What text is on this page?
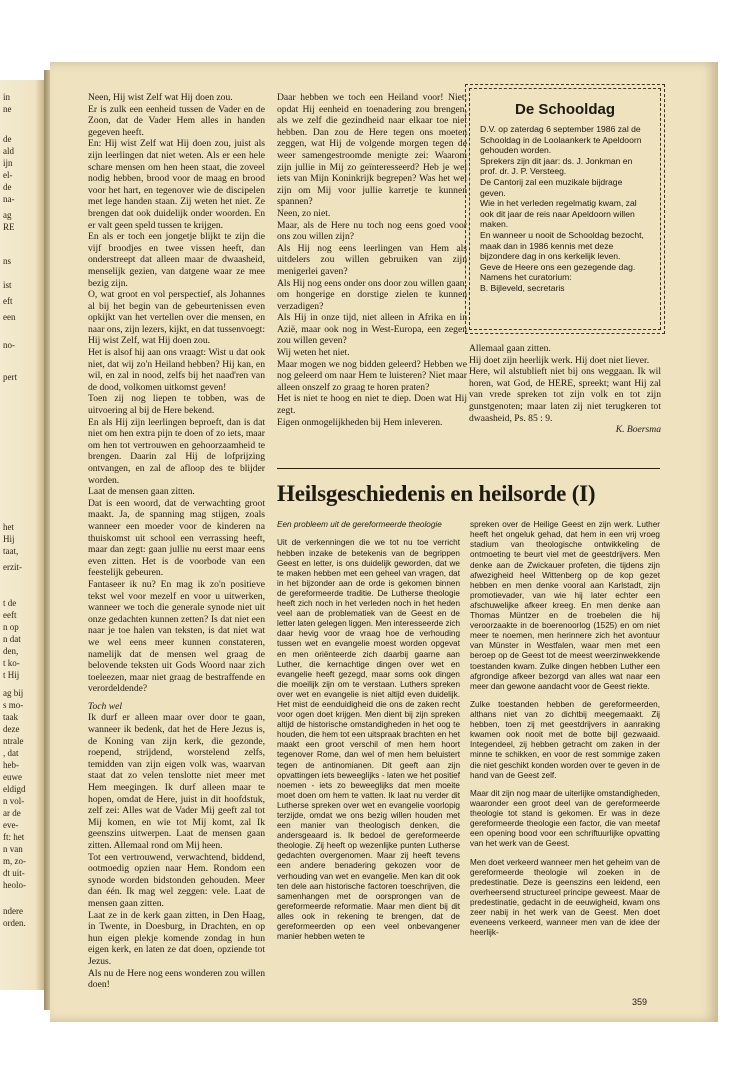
in
ne
de
ald
ijn
el-
de
na-
ag
RE
ns
ist
eft
een
no-
pert
het
Hij
taat,
erzit-
t de
eeft
n op
n dat
den,
t ko-
t Hij
ag bij
s mo-
taak
deze
ntrale
, dat
heb-
euwe
eldigd
n vol-
ar de
eve-
ft: het
n van
m, zo-
dt uit-
heolo-
ndere
orden.

Neen, Hij wist Zelf wat Hij doen zou.

Er is zulk een eenheid tussen de Vader en de Zoon, dat de Vader Hem alles in handen gegeven heeft.

En: Hij wist Zelf wat Hij doen zou, juist als zijn leerlingen dat niet weten. Als er een hele schare mensen om hen heen staat, die zoveel nodig hebben, brood voor de maag en brood voor het hart, en tegenover wie de discipelen met lege handen staan. Zij weten het niet. Ze brengen dat ook duidelijk onder woorden. En er valt geen speld tussen te krijgen.

En als er toch een jongetje blijkt te zijn die vijf broodjes en twee vissen heeft, dan onderstreept dat alleen maar de dwaasheid, menselijk gezien, van datgene waar ze mee bezig zijn.

O, wat groot en vol perspectief, als Johannes al bij het begin van de gebeurtenissen even opkijkt van het vertellen over die mensen, en naar ons, zijn lezers, kijkt, en dat tussenvoegt: Hij wist Zelf, wat Hij doen zou.

Het is alsof hij aan ons vraagt: Wist u dat ook niet, dat wij zo'n Heiland hebben? Hij kan, en wil, en zal in nood, zelfs bij het naad'ren van de dood, volkomen uitkomst geven!

Toen zij nog liepen te tobben, was de uitvoering al bij de Here bekend.

En als Hij zijn leerlingen beproeft, dan is dat niet om hen extra pijn te doen of zo iets, maar om hen tot vertrouwen en gehoorzaamheid te brengen. Daarin zal Hij de lofprijzing ontvangen, en zal de afloop des te blijder worden.

Laat de mensen gaan zitten.

Dat is een woord, dat de verwachting groot maakt. Ja, de spanning mag stijgen, zoals wanneer een moeder voor de kinderen na thuiskomst uit school een verrassing heeft, maar dan zegt: gaan jullie nu eerst maar eens even zitten. Het is de voorbode van een feestelijk gebeuren.

Fantaseer ik nu? En mag ik zo'n positieve tekst wel voor mezelf en voor u uitwerken, wanneer we toch die generale synode niet uit onze gedachten kunnen zetten? Is dat niet een naar je toe halen van teksten, is dat niet wat we wel eens meer kunnen constateren, namelijk dat de mensen wel graag de belovende teksten uit Gods Woord naar zich toeleezen, maar niet graag de bestraffende en verordeldende?

Toch wel

Ik durf er alleen maar over door te gaan, wanneer ik bedenk, dat het de Here Jezus is, de Koning van zijn kerk, die gezonde, roepend, strijdend, worstelend zelfs, temidden van zijn eigen volk was, waarvan staat dat zo velen tenslotte niet meer met Hem meegingen. Ik durf alleen maar te hopen, omdat de Here, juist in dit hoofdstuk, zelf zei: Alles wat de Vader Mij geeft zal tot Mij komen, en wie tot Mij komt, zal Ik geenszins uitwerpen. Laat de mensen gaan zitten. Allemaal rond om Mij heen.

Tot een vertrouwend, verwachtend, biddend, ootmoedig opzien naar Hem. Rondom een synode worden bidstonden gehouden. Meer dan één. Ik mag wel zeggen: vele. Laat de mensen gaan zitten.

Laat ze in de kerk gaan zitten, in Den Haag, in Twente, in Doesburg, in Drachten, en op hun eigen plekje komende zondag in hun eigen kerk, en laten ze dat doen, opziende tot Jezus.

Als nu de Here nog eens wonderen zou willen doen!

Daar hebben we toch een Heiland voor! Niet, opdat Hij eenheid en toenadering zou brengen, als we zelf die gezindheid naar elkaar toe niet hebben. Dan zou de Here tegen ons moeten zeggen, wat Hij de volgende morgen tegen de weer samengestroomde menigte zei: Waarom zijn jullie in Mij zo geïnteresseerd? Heb je wel iets van Mijn Koninkrijk begrepen? Was het wel zijn om Mij voor jullie karretje te kunnen spannen?

Neen, zo niet.

Maar, als de Here nu toch nog eens goed voor ons zou willen zijn?

Als Hij nog eens leerlingen van Hem als uitdelers zou willen gebruiken van zijn menigerlei gaven?

Als Hij nog eens onder ons door zou willen gaan, om hongerige en dorstige zielen te kunnen verzadigen?

Als Hij in onze tijd, niet alleen in Afrika en in Azië, maar ook nog in West-Europa, een zegen zou willen geven?

Wij weten het niet.

Maar mogen we nog bidden geleerd? Hebben we nog geleerd om naar Hem te luisteren? Niet maar alleen onszelf zo graag te horen praten?

Het is niet te hoog en niet te diep. Doen wat Hij zegt.

Eigen onmogelijkheden bij Hem inleveren.

De Schooldag
D.V. op zaterdag 6 september 1986 zal de Schooldag in de Loolaankerk te Apeldoorn gehouden worden.
Sprekers zijn dit jaar: ds. J. Jonkman en prof. dr. J. P. Versteeg.
De Cantorij zal een muzikale bijdrage geven.
Wie in het verleden regelmatig kwam, zal ook dit jaar de reis naar Apeldoorn willen maken.
En wanneer u nooit de Schooldag bezocht, maak dan in 1986 kennis met deze bijzondere dag in ons kerkelijk leven.
Geve de Heere ons een gezegende dag.
Namens het curatorium:
B. Bijleveld, secretaris

Allemaal gaan zitten.

Hij doet zijn heerlijk werk. Hij doet niet liever.

Here, wil alstublieft niet bij ons weggaan. Ik wil horen, wat God, de HERE, spreekt; want Hij zal van vrede spreken tot zijn volk en tot zijn gunstgenoten; maar laten zij niet terugkeren tot dwaasheid, Ps. 85 : 9.

K. Boersma

Heilsgeschiedenis en heilsorde (I)

Een probleem uit de gereformeerde theologie

Uit de verkenningen die we tot nu toe verricht hebben inzake de betekenis van de begrippen Geest en letter, is ons duidelijk geworden, dat we te maken hebben met een geheel van vragen, dat in het bijzonder aan de orde is gekomen binnen de gereformeerde traditie. De Lutherse theologie heeft zich noch in het verleden noch in het heden veel aan de problematiek van de Geest en de letter laten gelegen liggen. Men interesseerde zich daar hevig voor de vraag hoe de verhouding tussen wet en evangelie moest worden opgevat en men oriënteerde zich daarbij gaarne aan Luther, die kernachtige dingen over wet en evangelie heeft gezegd, maar soms ook dingen die moeilijk zijn om te verstaan. Luthers spreken over wet en evangelie is niet altijd even duidelijk. Het mist de eenduidigheid die ons de zaken recht voor ogen doet krijgen. Men dient bij zijn spreken altijd de historische omstandigheden in het oog te houden, die hem tot een uitspraak brachten en het maakt een groot verschil of men hem hoort tegenover Rome, dan wel of men hem beluistert tegen de antinomianen. Dit geeft aan zijn opvattingen iets beweeglijks - laten we het positief noemen - iets zo beweeglijks dat men moeite moet doen om hem te vatten. Ik laat nu verder dit Lutherse spreken over wet en evangelie voorlopig terzijde, omdat we ons bezig willen houden met een manier van theologisch denken, die andersgeaard is. Ik bedoel de gereformeerde theologie. Zij heeft op wezenlijke punten Lutherse gedachten overgenomen. Maar zij heeft tevens een andere benadering gekozen voor de verhouding van wet en evangelie. Men kan dit ook ten dele aan historische factoren toeschrijven, die samenhangen met de oorsprongen van de gereformeerde reformatie. Maar men dient bij dit alles ook in rekening te brengen, dat de gereformeerden op een veel onbevangener manier hebben weten te

spreken over de Heilige Geest en zijn werk. Luther heeft het ongeluk gehad, dat hem in een vrij vroeg stadium van theologische ontwikkeling de ontmoeting te beurt viel met de geestdrijvers. Men denke aan de Zwickauer profeten, die tijdens zijn afwezigheid heel Wittenberg op de kop gezet hebben en men denke vooral aan Karlstadt, zijn promotievader, van wie hij later echter een afschuwelijke afkeer kreeg. En men denke aan Thomas Müntzer en de troebelen die hij veroorzaakte in de boerenoorlog (1525) en om niet meer te noemen, men herinnere zich het avontuur van Münster in Westfalen, waar men met een beroep op de Geest tot de meest weerzinwekkende toestanden kwam. Zulke dingen hebben Luther een afgrondige afkeer bezorgd van alles wat naar een meer dan gewone aandacht voor de Geest riekte.

Zulke toestanden hebben de gereformeerden, althans niet van zo dichtbij meegemaakt. Zij hebben, toen zij met geestdrijvers in aanraking kwamen ook nooit met de botte bijl gezwaaid. Integendeel, zij hebben getracht om zaken in der minne te schikken, en voor de rest sommige zaken die niet geschikt konden worden over te geven in de hand van de Geest zelf.

Maar dit zijn nog maar de uiterlijke omstandigheden, waaronder een groot deel van de gereformeerde theologie tot stand is gekomen. Er was in deze gereformeerde theologie een factor, die van meetaf een opening bood voor een schriftuurlijke opvatting van het werk van de Geest.

Men doet verkeerd wanneer men het geheim van de gereformeerde theologie wil zoeken in de predestinatie. Deze is geenszins een leidend, een overheersend structureel principe geweest. Maar de predestinatie, gedacht in de eeuwigheid, kwam ons zeer nabij in het werk van de Geest. Men doet eveneens verkeerd, wanneer men van de idee der heerlijk-

359
